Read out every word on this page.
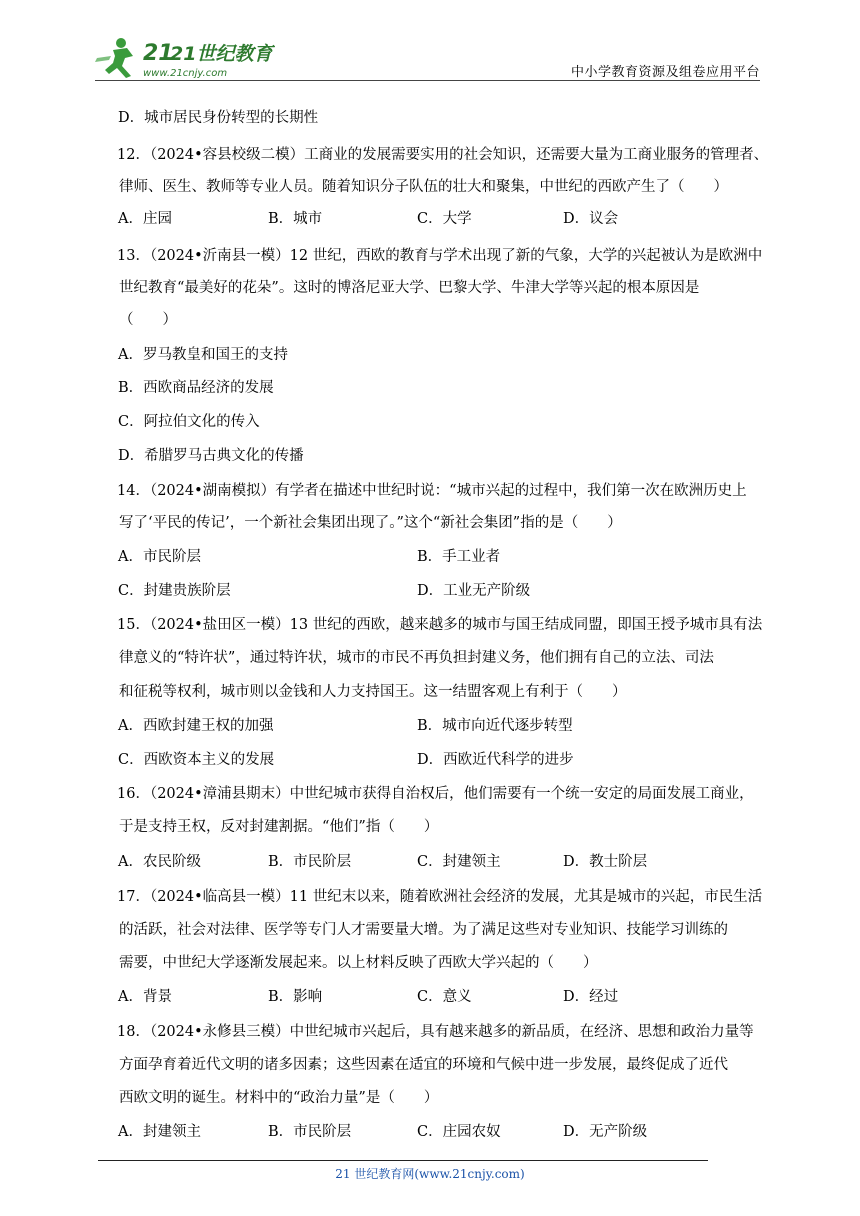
21
21世纪教育
www.21cnjy.com	中小学教育资源及组卷应用平台
D．城市居民身份转型的长期性
12．（2024•容县校级二模）工商业的发展需要实用的社会知识，还需要大量为工商业服务的管理者、
律师、医生、教师等专业人员。随着知识分子队伍的壮大和聚集，中世纪的西欧产生了（　　）
A．庄园	B．城市	C．大学	D．议会
13．（2024•沂南县一模）12 世纪，西欧的教育与学术出现了新的气象，大学的兴起被认为是欧洲中
世纪教育“最美好的花朵”。这时的博洛尼亚大学、巴黎大学、牛津大学等兴起的根本原因是
（　　）
A．罗马教皇和国王的支持
B．西欧商品经济的发展
C．阿拉伯文化的传入
D．希腊罗马古典文化的传播
14．（2024•湖南模拟）有学者在描述中世纪时说：“城市兴起的过程中，我们第一次在欧洲历史上
写了‘平民的传记’，一个新社会集团出现了。”这个“新社会集团”指的是（　　）
A．市民阶层	B．手工业者
C．封建贵族阶层	D．工业无产阶级
15．（2024•盐田区一模）13 世纪的西欧，越来越多的城市与国王结成同盟，即国王授予城市具有法
律意义的“特许状”，通过特许状，城市的市民不再负担封建义务，他们拥有自己的立法、司法
和征税等权利，城市则以金钱和人力支持国王。这一结盟客观上有利于（　　）
A．西欧封建王权的加强	B．城市向近代逐步转型
C．西欧资本主义的发展	D．西欧近代科学的进步
16．（2024•漳浦县期末）中世纪城市获得自治权后，他们需要有一个统一安定的局面发展工商业，
于是支持王权，反对封建割据。“他们”指（　　）
A．农民阶级	B．市民阶层	C．封建领主	D．教士阶层
17．（2024•临高县一模）11 世纪末以来，随着欧洲社会经济的发展，尤其是城市的兴起，市民生活
的活跃，社会对法律、医学等专门人才需要量大增。为了满足这些对专业知识、技能学习训练的
需要，中世纪大学逐渐发展起来。以上材料反映了西欧大学兴起的（　　）
A．背景	B．影响	C．意义	D．经过
18．（2024•永修县三模）中世纪城市兴起后，具有越来越多的新品质，在经济、思想和政治力量等
方面孕育着近代文明的诸多因素；这些因素在适宜的环境和气候中进一步发展，最终促成了近代
西欧文明的诞生。材料中的“政治力量”是（　　）
A．封建领主	B．市民阶层	C．庄园农奴	D．无产阶级
21 世纪教育网(www.21cnjy.com)
